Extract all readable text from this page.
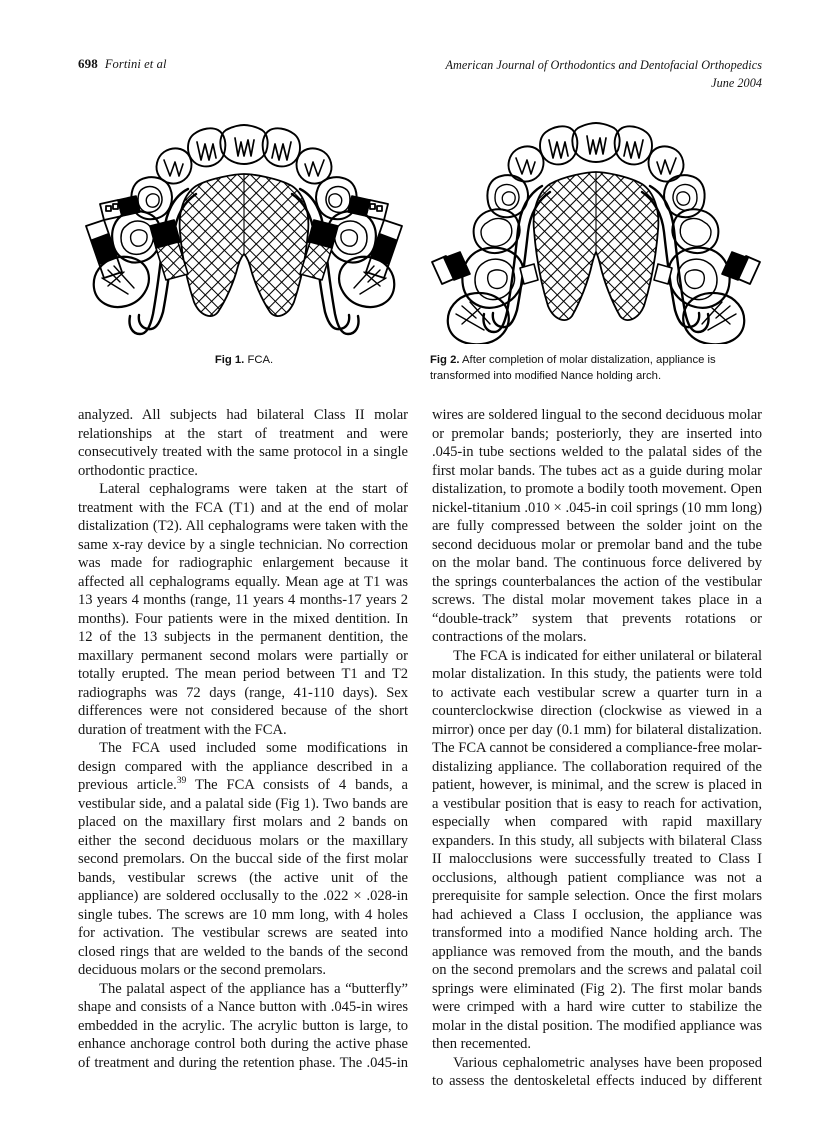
698 Fortini et al	American Journal of Orthodontics and Dentofacial Orthopedics
June 2004
Fig 1. FCA.	Fig 2. After completion of molar distalization, appliance is transformed into modified Nance holding arch.

analyzed. All subjects had bilateral Class II molar relationships at the start of treatment and were consecutively treated with the same protocol in a single orthodontic practice.

Lateral cephalograms were taken at the start of treatment with the FCA (T1) and at the end of molar distalization (T2). All cephalograms were taken with the same x-ray device by a single technician. No correction was made for radiographic enlargement because it affected all cephalograms equally. Mean age at T1 was 13 years 4 months (range, 11 years 4 months-17 years 2 months). Four patients were in the mixed dentition. In 12 of the 13 subjects in the permanent dentition, the maxillary permanent second molars were partially or totally erupted. The mean period between T1 and T2 radiographs was 72 days (range, 41-110 days). Sex differences were not considered because of the short duration of treatment with the FCA.

The FCA used included some modifications in design compared with the appliance described in a previous article.$^{39}$ The FCA consists of 4 bands, a vestibular side, and a palatal side (Fig 1). Two bands are placed on the maxillary first molars and 2 bands on either the second deciduous molars or the maxillary second premolars. On the buccal side of the first molar bands, vestibular screws (the active unit of the appliance) are soldered occlusally to the .022 × .028-in single tubes. The screws are 10 mm long, with 4 holes for activation. The vestibular screws are seated into closed rings that are welded to the bands of the second deciduous molars or the second premolars.

The palatal aspect of the appliance has a “butterfly” shape and consists of a Nance button with .045-in wires embedded in the acrylic. The acrylic button is large, to enhance anchorage control both during the active phase of treatment and during the retention phase. The .045-in

wires are soldered lingual to the second deciduous molar or premolar bands; posteriorly, they are inserted into .045-in tube sections welded to the palatal sides of the first molar bands. The tubes act as a guide during molar distalization, to promote a bodily tooth movement. Open nickel-titanium .010 × .045-in coil springs (10 mm long) are fully compressed between the solder joint on the second deciduous molar or premolar band and the tube on the molar band. The continuous force delivered by the springs counterbalances the action of the vestibular screws. The distal molar movement takes place in a “double-track” system that prevents rotations or contractions of the molars.

The FCA is indicated for either unilateral or bilateral molar distalization. In this study, the patients were told to activate each vestibular screw a quarter turn in a counterclockwise direction (clockwise as viewed in a mirror) once per day (0.1 mm) for bilateral distalization. The FCA cannot be considered a compliance-free molar-distalizing appliance. The collaboration required of the patient, however, is minimal, and the screw is placed in a vestibular position that is easy to reach for activation, especially when compared with rapid maxillary expanders. In this study, all subjects with bilateral Class II malocclusions were successfully treated to Class I occlusions, although patient compliance was not a prerequisite for sample selection. Once the first molars had achieved a Class I occlusion, the appliance was transformed into a modified Nance holding arch. The appliance was removed from the mouth, and the bands on the second premolars and the screws and palatal coil springs were eliminated (Fig 2). The first molar bands were crimped with a hard wire cutter to stabilize the molar in the distal position. The modified appliance was then recemented.

Various cephalometric analyses have been proposed to assess the dentoskeletal effects induced by different
